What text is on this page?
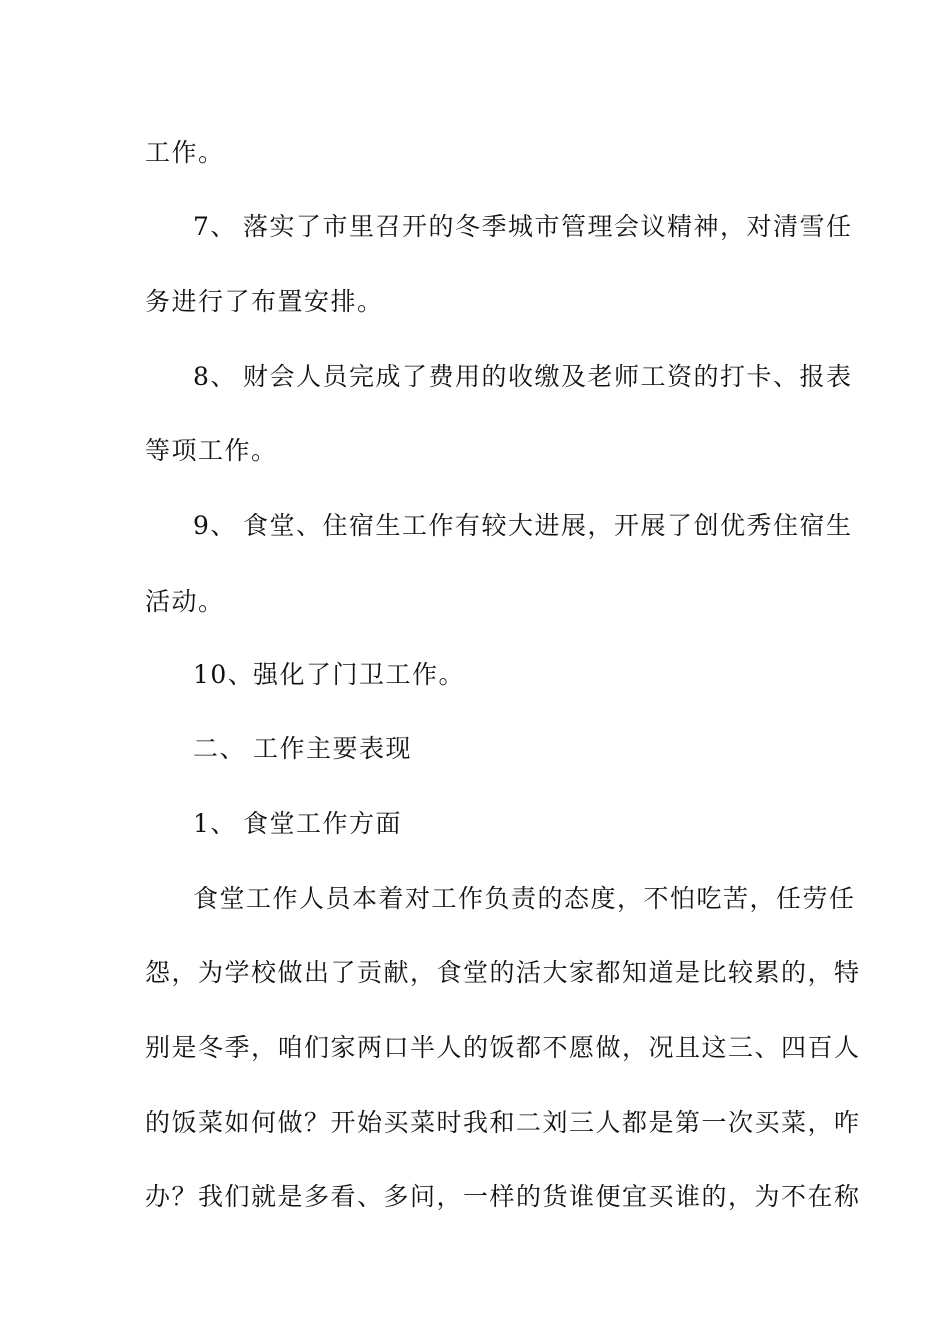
工作。
7、 落实了市里召开的冬季城市管理会议精神，对清雪任
务进行了布置安排。
8、 财会人员完成了费用的收缴及老师工资的打卡、报表
等项工作。
9、 食堂、住宿生工作有较大进展，开展了创优秀住宿生
活动。
10、强化了门卫工作。
二、 工作主要表现
1、 食堂工作方面
食堂工作人员本着对工作负责的态度，不怕吃苦，任劳任
怨，为学校做出了贡献，食堂的活大家都知道是比较累的，特
别是冬季，咱们家两口半人的饭都不愿做，况且这三、四百人
的饭菜如何做？开始买菜时我和二刘三人都是第一次买菜，咋
办？我们就是多看、多问，一样的货谁便宜买谁的，为不在称
